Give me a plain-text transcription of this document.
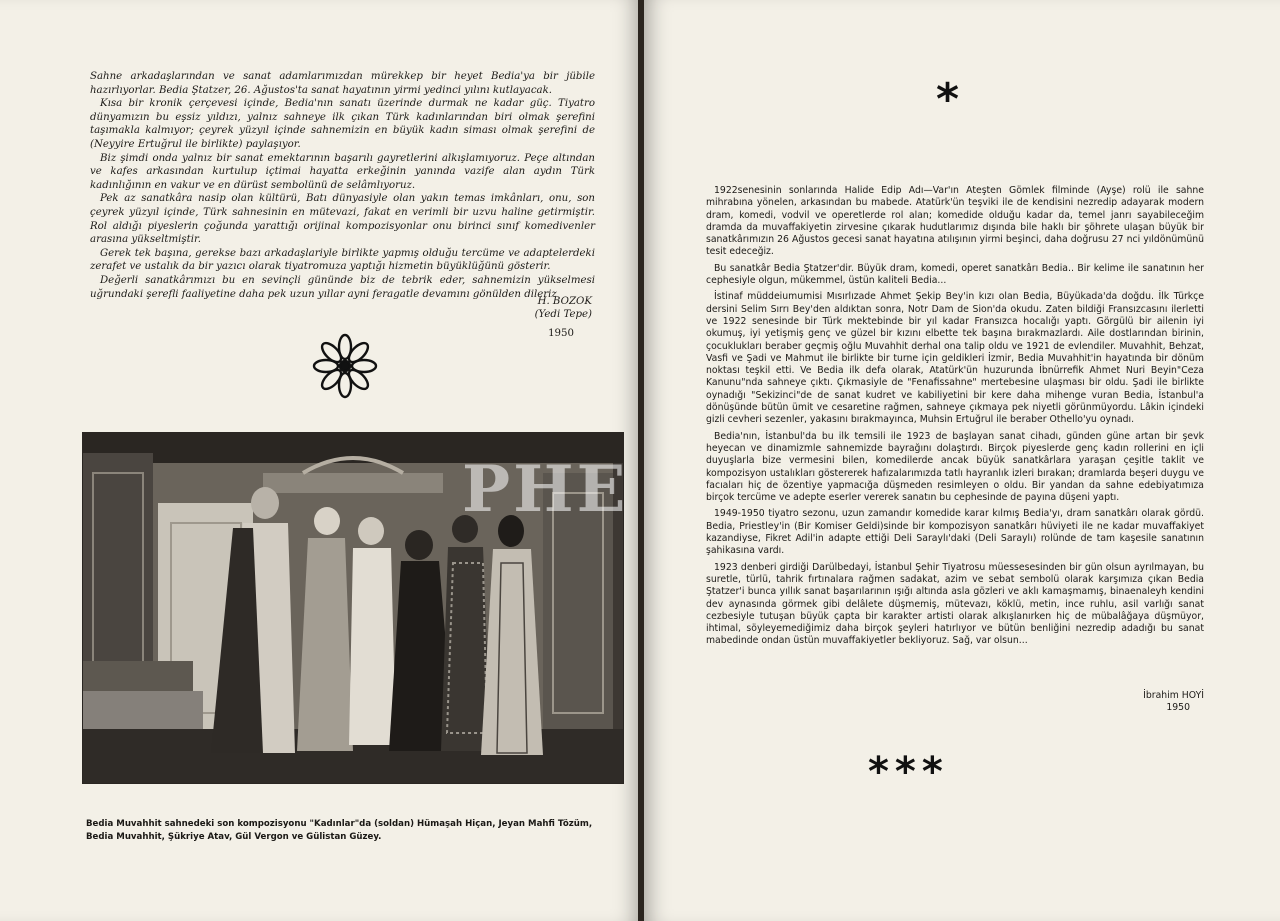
Sahne arkadaşlarından ve sanat adamlarımızdan mürekkep bir heyet Bedia'ya bir jübile hazırlıyorlar. Bedia Ştatzer, 26. Ağustos'ta sanat hayatının yirmi yedinci yılını kutlayacak.

Kısa bir kronik çerçevesi içinde, Bedia'nın sanatı üzerinde durmak ne kadar güç. Tiyatro dünyamızın bu eşsiz yıldızı, yalnız sahneye ilk çıkan Türk kadınlarından biri olmak şerefini taşımakla kalmıyor; çeyrek yüzyıl içinde sahnemizin en büyük kadın siması olmak şerefini de (Neyyire Ertuğrul ile birlikte) paylaşıyor.

Biz şimdi onda yalnız bir sanat emektarının başarılı gayretlerini alkışlamıyoruz. Peçe altından ve kafes arkasından kurtulup içtimai hayatta erkeğinin yanında vazife alan aydın Türk kadınlığının en vakur ve en dürüst sembolünü de selâmlıyoruz.

Pek az sanatkâra nasip olan kültürü, Batı dünyasiyle olan yakın temas imkânları, onu, son çeyrek yüzyıl içinde, Türk sahnesinin en mütevazi, fakat en verimli bir uzvu haline getirmiştir. Rol aldığı piyeslerin çoğunda yarattığı orijinal kompozisyonlar onu birinci sınıf komedivenler arasına yükseltmiştir.

Gerek tek başına, gerekse bazı arkadaşlariyle birlikte yapmış olduğu tercüme ve adaptelerdeki zerafet ve ustalık da bir yazıcı olarak tiyatromuza yaptığı hizmetin büyüklüğünü gösterir.

Değerli sanatkârımızı bu en sevinçli gününde biz de tebrik eder, sahnemizin yükselmesi uğrundaki şerefli faaliyetine daha pek uzun yıllar ayni feragatle devamını gönülden dileriz

H. BOZOK
(Yedi Tepe)
1950
PHE
Bedia Muvahhit sahnedeki son kompozisyonu "Kadınlar"da (soldan) Hümaşah Hiçan, Jeyan Mahfi Tözüm, Bedia Muvahhit, Şükriye Atav, Gül Vergon ve Gülistan Güzey.
*

1922senesinin sonlarında Halide Edip Adı—Var'ın Ateşten Gömlek filminde (Ayşe) rolü ile sahne mihrabına yönelen, arkasından bu mabede. Atatürk'ün teşviki ile de kendisini nezredip adayarak modern dram, komedi, vodvil ve operetlerde rol alan; komedide olduğu kadar da, temel janrı sayabileceğim dramda da muvaffakiyetin zirvesine çıkarak hudutlarımız dışında bile haklı bir şöhrete ulaşan büyük bir sanatkârımızın 26 Ağustos gecesi sanat hayatına atılışının yirmi beşinci, daha doğrusu 27 nci yıldönümünü tesit edeceğiz.

Bu sanatkâr Bedia Ştatzer'dir. Büyük dram, komedi, operet sanatkârı Bedia.. Bir kelime ile sanatının her cephesiyle olgun, mükemmel, üstün kaliteli Bedia...

İstinaf müddeiumumisi Mısırlızade Ahmet Şekip Bey'in kızı olan Bedia, Büyükada'da doğdu. İlk Türkçe dersini Selim Sırrı Bey'den aldıktan sonra, Notr Dam de Sion'da okudu. Zaten bildiği Fransızcasını ilerletti ve 1922 senesinde bir Türk mektebinde bir yıl kadar Fransızca hocalığı yaptı. Görgülü bir ailenin iyi okumuş, iyi yetişmiş genç ve güzel bir kızını elbette tek başına bırakmazlardı. Aile dostlarından birinin, çocuklukları beraber geçmiş oğlu Muvahhit derhal ona talip oldu ve 1921 de evlendiler. Muvahhit, Behzat, Vasfi ve Şadi ve Mahmut ile birlikte bir turne için geldikleri İzmir, Bedia Muvahhit'in hayatında bir dönüm noktası teşkil etti. Ve Bedia ilk defa olarak, Atatürk'ün huzurunda İbnürrefik Ahmet Nuri Beyin"Ceza Kanunu"nda sahneye çıktı. Çıkmasiyle de "Fenafissahne" mertebesine ulaşması bir oldu. Şadi ile birlikte oynadığı "Sekizinci"de de sanat kudret ve kabiliyetini bir kere daha mihenge vuran Bedia, İstanbul'a dönüşünde bütün ümit ve cesaretine rağmen, sahneye çıkmaya pek niyetli görünmüyordu. Lâkin içindeki gizli cevheri sezenler, yakasını bırakmayınca, Muhsin Ertuğrul ile beraber Othello'yu oynadı.

Bedia'nın, İstanbul'da bu ilk temsili ile 1923 de başlayan sanat cihadı, günden güne artan bir şevk heyecan ve dinamizmle sahnemizde bayrağını dolaştırdı. Birçok piyeslerde genç kadın rollerini en içli duyuşlarla bize vermesini bilen, komedilerde ancak büyük sanatkârlara yaraşan çeşitle taklit ve kompozisyon ustalıkları göstererek hafızalarımızda tatlı hayranlık izleri bırakan; dramlarda beşeri duygu ve facıaları hiç de özentiye yapmacığa düşmeden resimleyen o oldu. Bir yandan da sahne edebiyatımıza birçok tercüme ve adepte eserler vererek sanatın bu cephesinde de payına düşeni yaptı.

1949-1950 tiyatro sezonu, uzun zamandır komedide karar kılmış Bedia'yı, dram sanatkârı olarak gördü. Bedia, Priestley'in (Bir Komiser Geldi)sinde bir kompozisyon sanatkârı hüviyeti ile ne kadar muvaffakiyet kazandiyse, Fikret Adil'in adapte ettiği Deli Saraylı'daki (Deli Saraylı) rolünde de tam kaşesile sanatının şahikasına vardı.

1923 denberi girdiği Darülbedayi, İstanbul Şehir Tiyatrosu müessesesinden bir gün olsun ayrılmayan, bu suretle, türlü, tahrik fırtınalara rağmen sadakat, azim ve sebat sembolü olarak karşımıza çıkan Bedia Ştatzer'i bunca yıllık sanat başarılarının ışığı altında asla gözleri ve aklı kamaşmamış, binaenaleyh kendini dev aynasında görmek gibi delâlete düşmemiş, mütevazı, köklü, metin, ince ruhlu, asil varlığı sanat cezbesiyle tutuşan büyük çapta bir karakter artisti olarak alkışlanırken hiç de mübalâğaya düşmüyor, ihtimal, söyleyemediğimiz daha birçok şeyleri hatırlıyor ve bütün benliğini nezredip adadığı bu sanat mabedinde ondan üstün muvaffakiyetler bekliyoruz. Sağ, var olsun...

İbrahim HOYİ
1950
***
